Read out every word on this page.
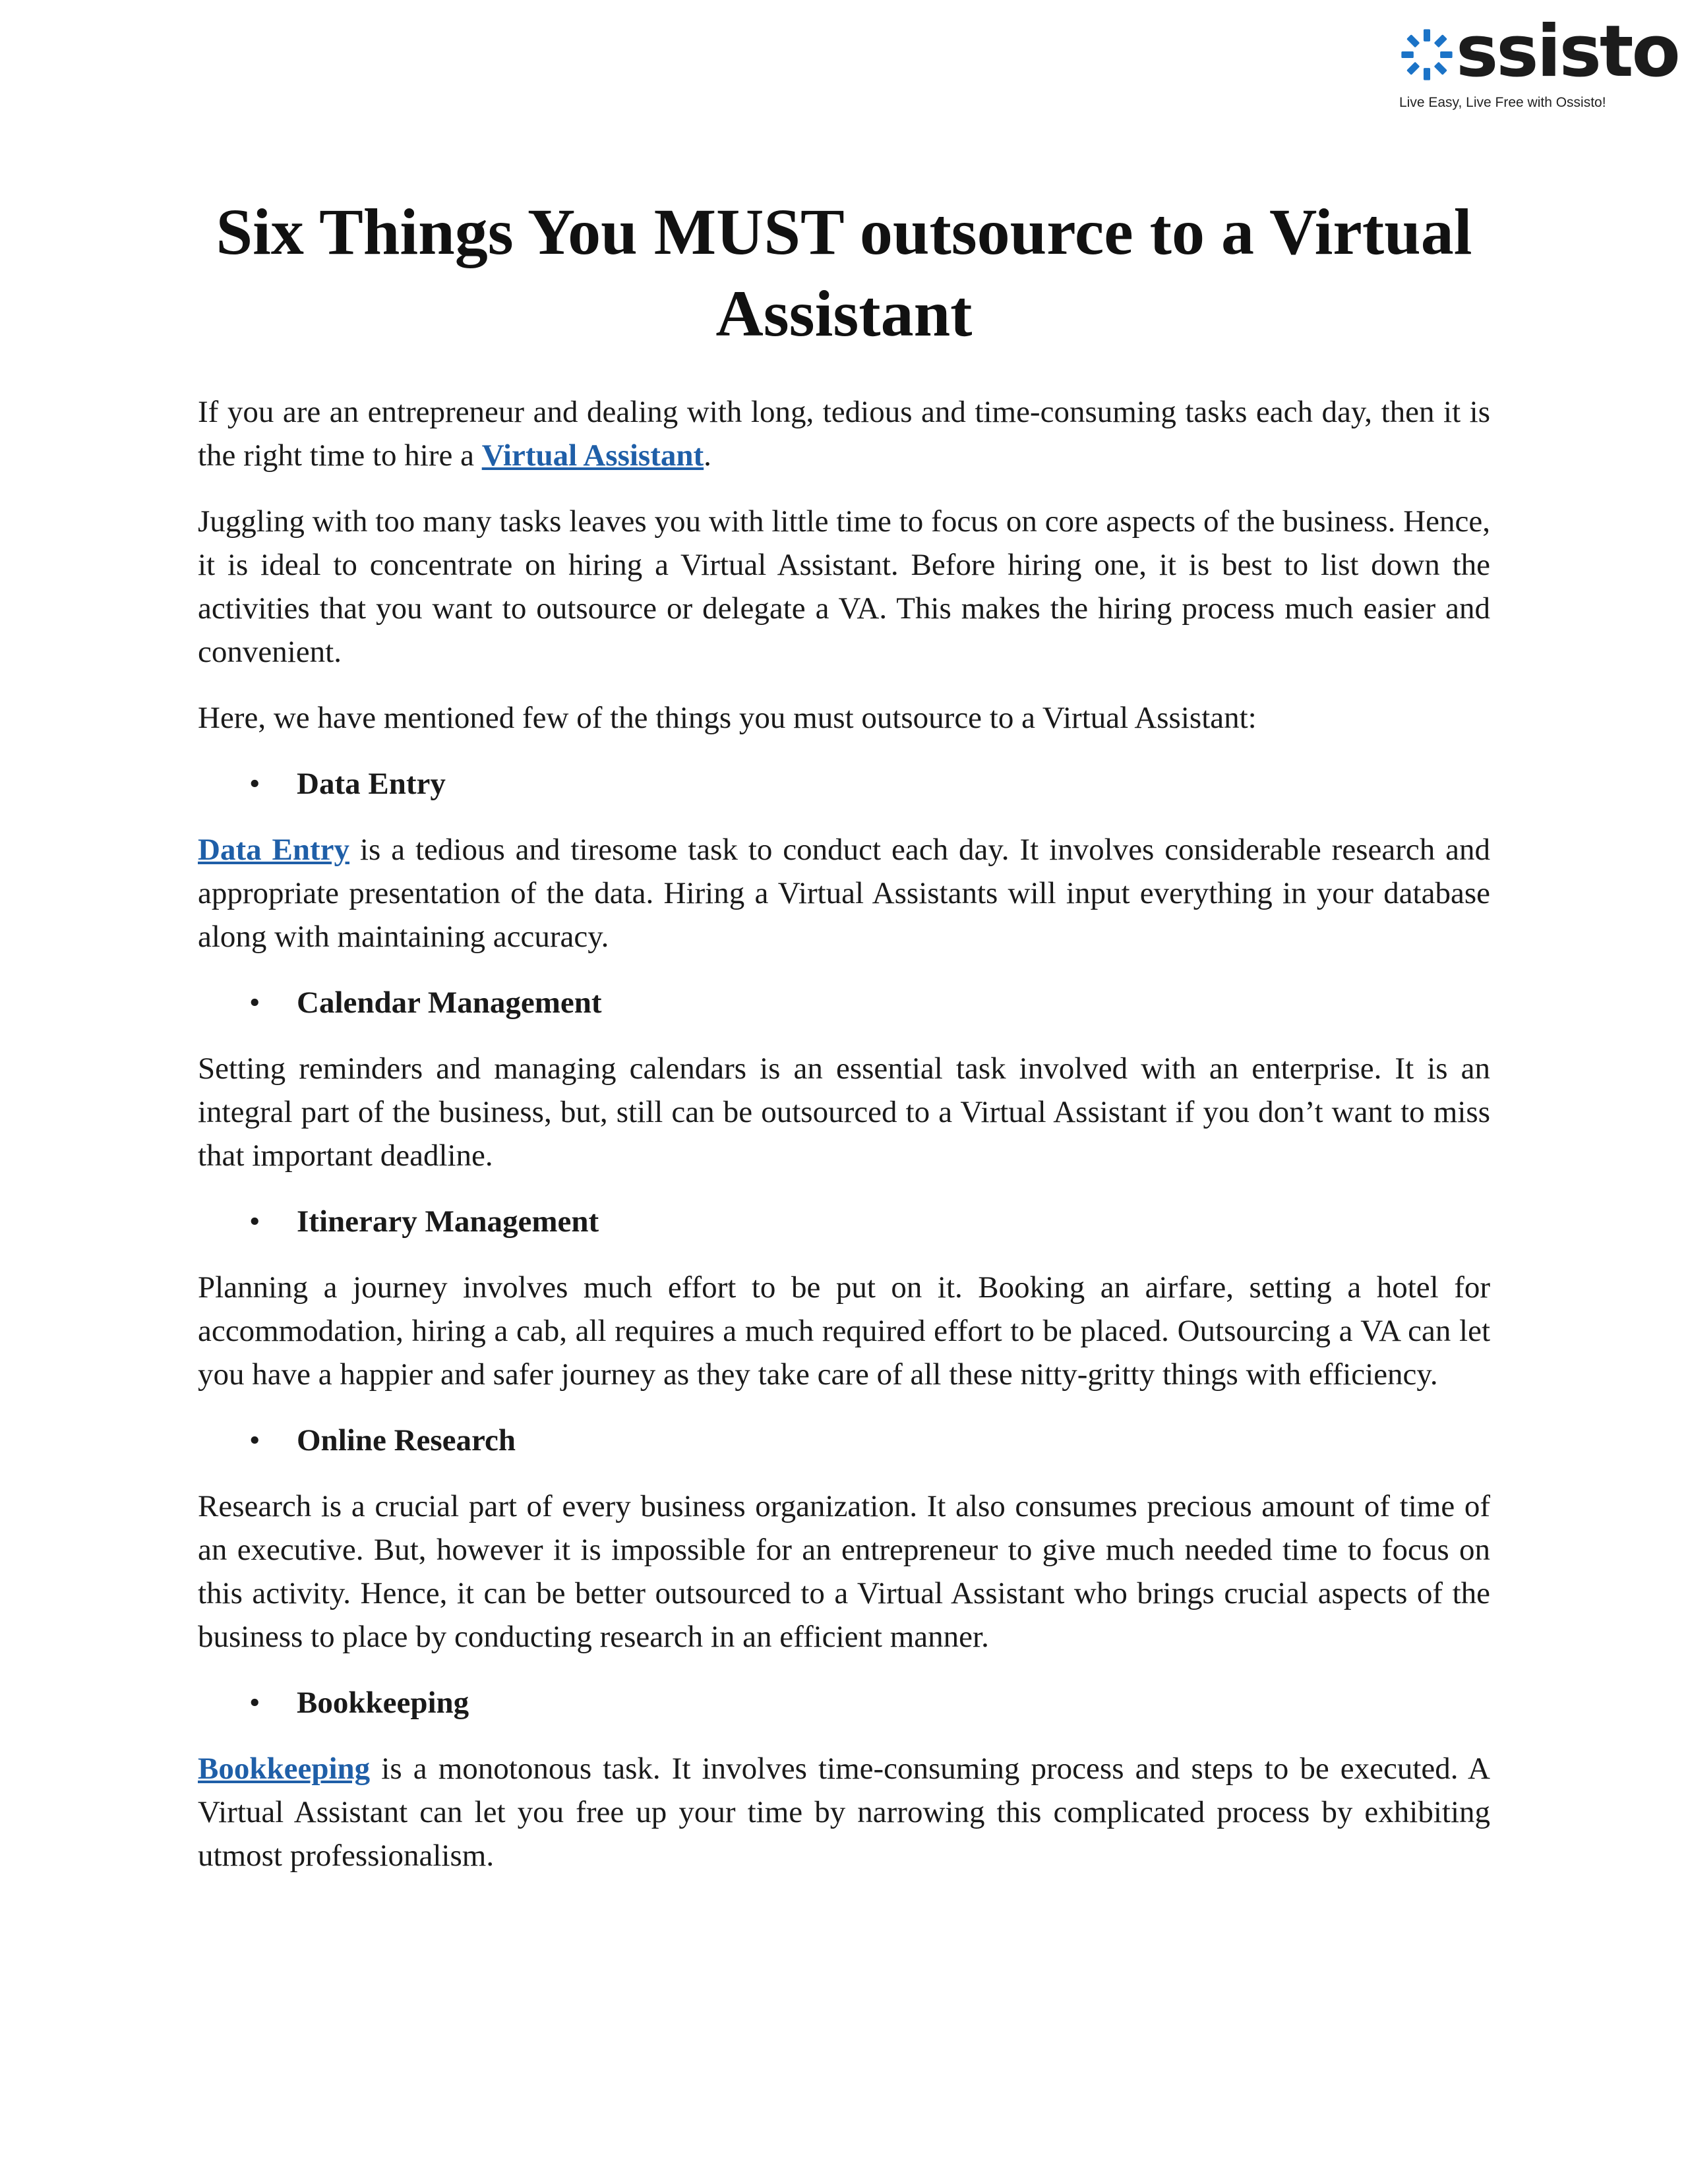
ssisto
Live Easy, Live Free with Ossisto!
Six Things You MUST outsource to a Virtual Assistant

If you are an entrepreneur and dealing with long, tedious and time-consuming tasks each day, then it is the right time to hire a Virtual Assistant.

Juggling with too many tasks leaves you with little time to focus on core aspects of the business. Hence, it is ideal to concentrate on hiring a Virtual Assistant. Before hiring one, it is best to list down the activities that you want to outsource or delegate a VA. This makes the hiring process much easier and convenient.

Here, we have mentioned few of the things you must outsource to a Virtual Assistant:

• Data Entry

Data Entry is a tedious and tiresome task to conduct each day. It involves considerable research and appropriate presentation of the data. Hiring a Virtual Assistants will input everything in your database along with maintaining accuracy.

• Calendar Management

Setting reminders and managing calendars is an essential task involved with an enterprise. It is an integral part of the business, but, still can be outsourced to a Virtual Assistant if you don’t want to miss that important deadline.

• Itinerary Management

Planning a journey involves much effort to be put on it. Booking an airfare, setting a hotel for accommodation, hiring a cab, all requires a much required effort to be placed. Outsourcing a VA can let you have a happier and safer journey as they take care of all these nitty-gritty things with efficiency.

• Online Research

Research is a crucial part of every business organization. It also consumes precious amount of time of an executive. But, however it is impossible for an entrepreneur to give much needed time to focus on this activity. Hence, it can be better outsourced to a Virtual Assistant who brings crucial aspects of the business to place by conducting research in an efficient manner.

• Bookkeeping

Bookkeeping is a monotonous task. It involves time-consuming process and steps to be executed. A Virtual Assistant can let you free up your time by narrowing this complicated process by exhibiting utmost professionalism.
